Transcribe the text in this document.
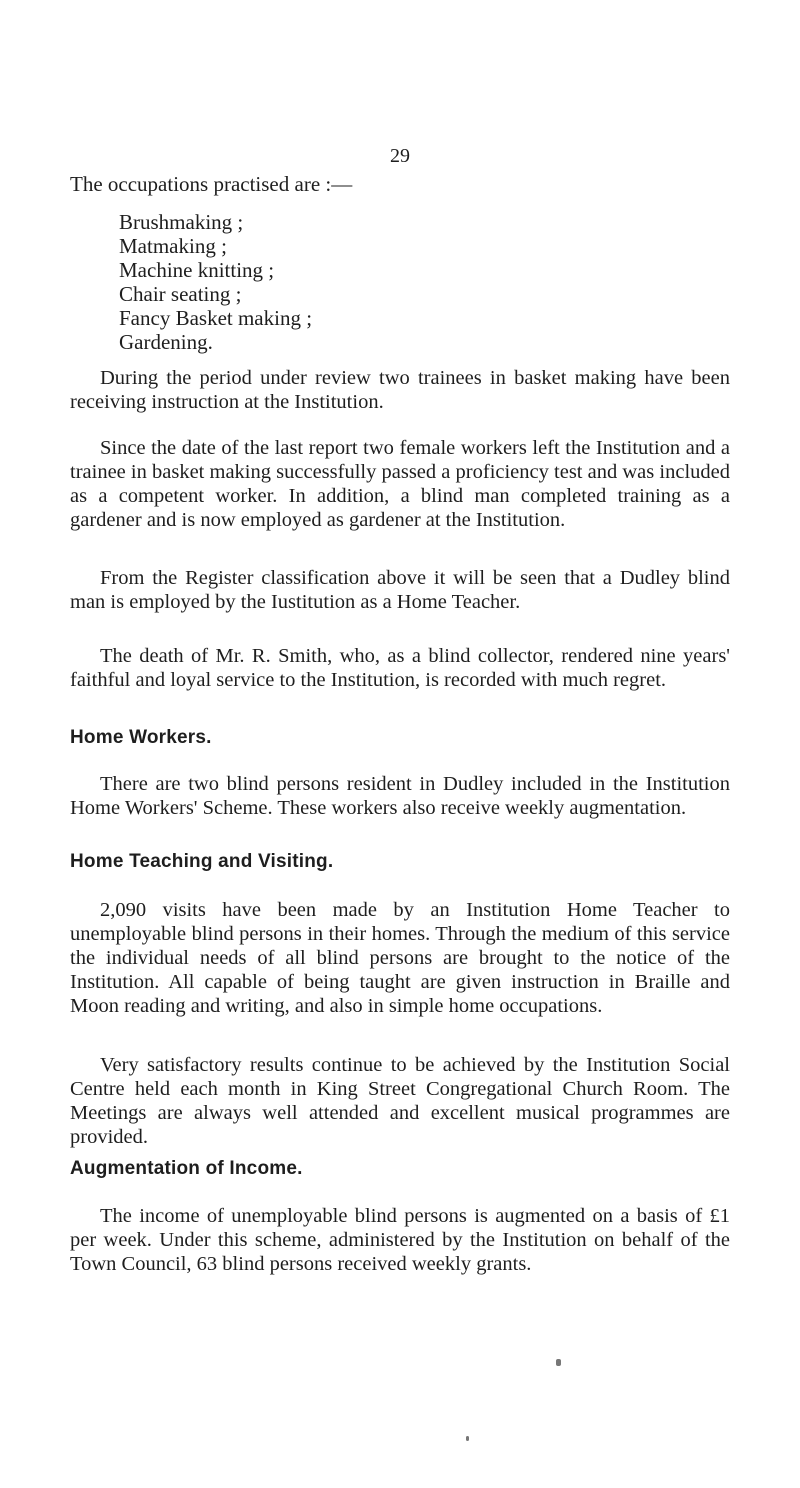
29

The occupations practised are :—

Brushmaking ;
Matmaking ;
Machine knitting ;
Chair seating ;
Fancy Basket making ;
Gardening.

During the period under review two trainees in basket making have been receiving instruction at the Institution.

Since the date of the last report two female workers left the Institution and a trainee in basket making successfully passed a proficiency test and was included as a competent worker. In addition, a blind man completed training as a gardener and is now employed as gardener at the Institution.

From the Register classification above it will be seen that a Dudley blind man is employed by the Iustitution as a Home Teacher.

The death of Mr. R. Smith, who, as a blind collector, rendered nine years' faithful and loyal service to the Institution, is recorded with much regret.

Home Workers.

There are two blind persons resident in Dudley included in the Institution Home Workers' Scheme. These workers also receive weekly augmentation.

Home Teaching and Visiting.

2,090 visits have been made by an Institution Home Teacher to unemployable blind persons in their homes. Through the medium of this service the individual needs of all blind persons are brought to the notice of the Institution. All capable of being taught are given instruction in Braille and Moon reading and writing, and also in simple home occupations.

Very satisfactory results continue to be achieved by the Institution Social Centre held each month in King Street Congregational Church Room. The Meetings are always well attended and excellent musical programmes are provided.

Augmentation of Income.

The income of unemployable blind persons is augmented on a basis of £1 per week. Under this scheme, administered by the Institution on behalf of the Town Council, 63 blind persons received weekly grants.
